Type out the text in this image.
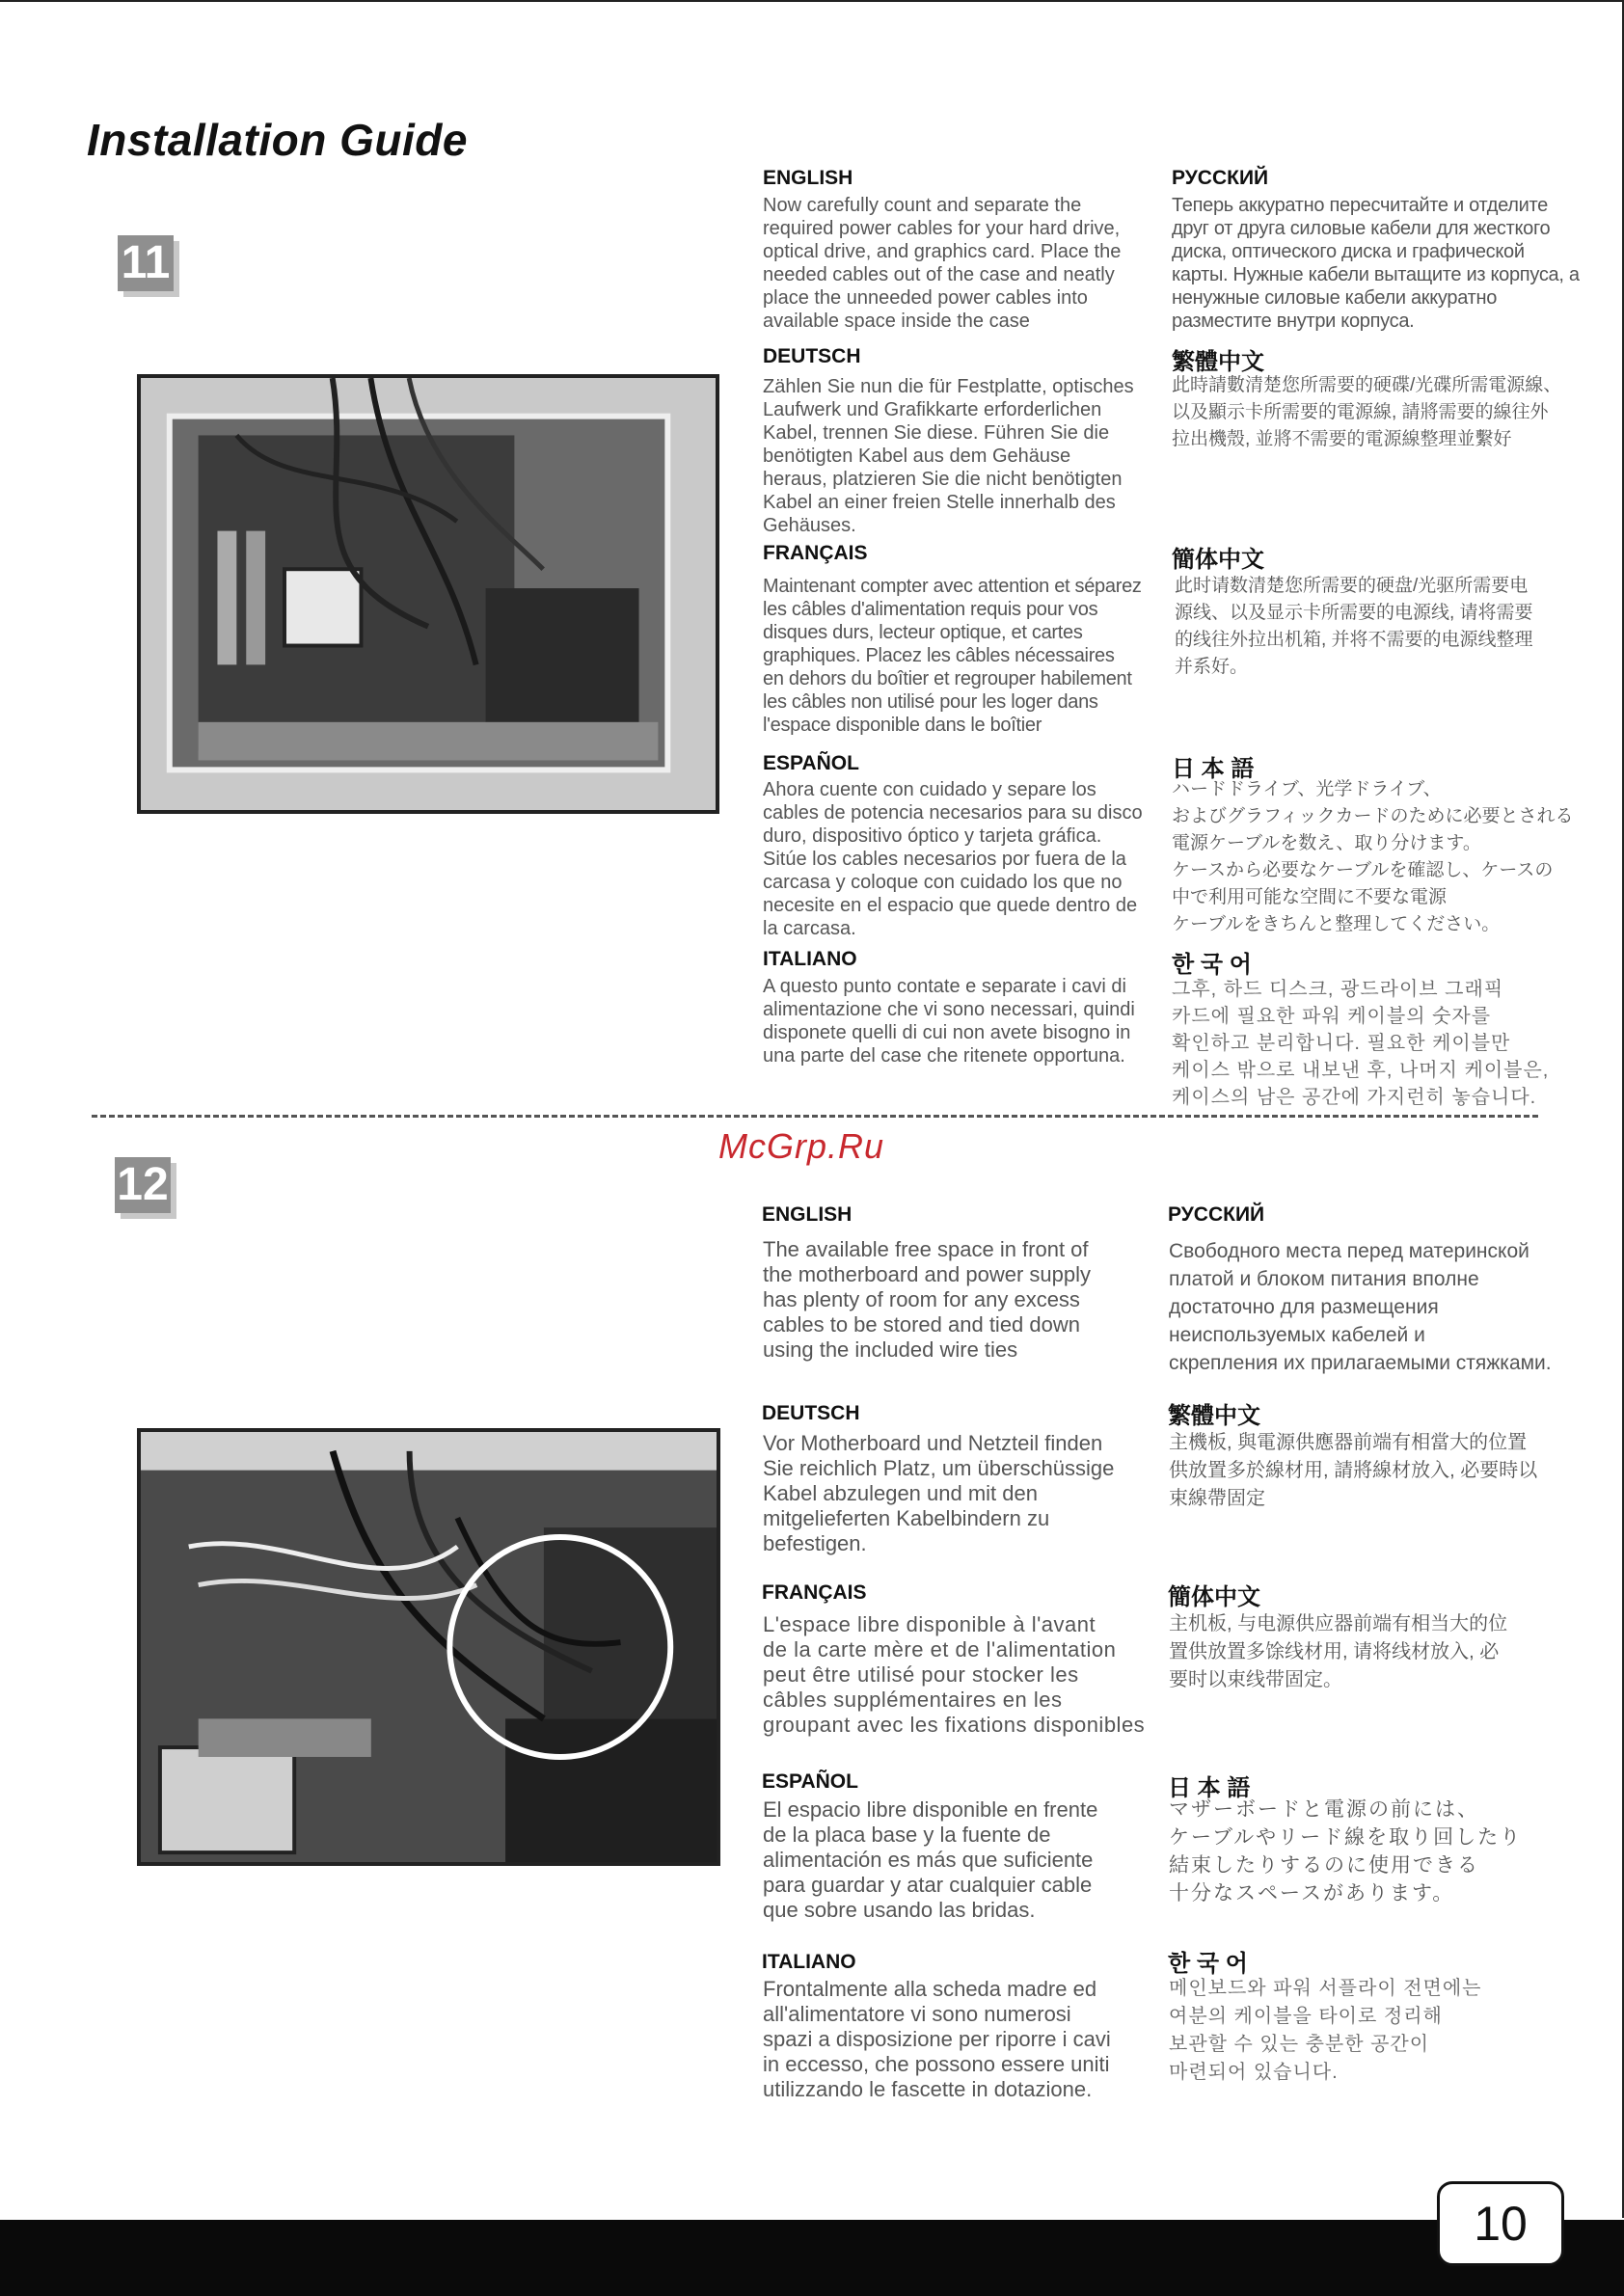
Installation Guide
11
ENGLISH
Now carefully count and separate the
required power cables for your hard drive,
optical drive, and graphics card. Place the
needed cables out of the case and neatly
place the unneeded power cables into
available space inside the case
DEUTSCH
Zählen Sie nun die für Festplatte, optisches
Laufwerk und Grafikkarte erforderlichen
Kabel, trennen Sie diese. Führen Sie die
benötigten Kabel aus dem Gehäuse
heraus, platzieren Sie die nicht benötigten
Kabel an einer freien Stelle innerhalb des
Gehäuses.
FRANÇAIS
Maintenant compter avec attention et séparez
les câbles d'alimentation requis pour vos
disques durs, lecteur optique, et cartes
graphiques. Placez les câbles nécessaires
en dehors du boîtier et regrouper habilement
les câbles non utilisé pour les loger dans
l'espace disponible dans le boîtier
ESPAÑOL
Ahora cuente con cuidado y separe los
cables de potencia necesarios para su disco
duro, dispositivo óptico y tarjeta gráfica.
Sitúe los cables necesarios por fuera de la
carcasa y coloque con cuidado los que no
necesite en el espacio que quede dentro de
la carcasa.
ITALIANO
A questo punto contate e separate i cavi di
alimentazione che vi sono necessari, quindi
disponete quelli di cui non avete bisogno in
una parte del case che ritenete opportuna.
РУССКИЙ
Теперь аккуратно пересчитайте и отделите
друг от друга силовые кабели для жесткого
диска, оптического диска и графической
карты. Нужные кабели вытащите из корпуса, а
ненужные силовые кабели аккуратно
разместите внутри корпуса.
繁體中文
此時請數清楚您所需要的硬碟/光碟所需電源線、
以及顯示卡所需要的電源線, 請將需要的線往外
拉出機殼, 並將不需要的電源線整理並繫好
簡体中文
此时请数清楚您所需要的硬盘/光驱所需要电
源线、以及显示卡所需要的电源线, 请将需要
的线往外拉出机箱, 并将不需要的电源线整理
并系好。
日 本 語
ハードドライブ、光学ドライブ、
およびグラフィックカードのために必要とされる
電源ケーブルを数え、取り分けます。
ケースから必要なケーブルを確認し、ケースの
中で利用可能な空間に不要な電源
ケーブルをきちんと整理してください。
한 국 어
그후, 하드 디스크, 광드라이브 그래픽
카드에 필요한 파워 케이블의 숫자를
확인하고 분리합니다. 필요한 케이블만
케이스 밖으로 내보낸 후, 나머지 케이블은,
케이스의 남은 공간에 가지런히 놓습니다.
McGrp.Ru
12
ENGLISH
The available free space in front of
the motherboard and power supply
has plenty of room for any excess
cables to be stored and tied down
using the included wire ties
DEUTSCH
Vor Motherboard und Netzteil finden
Sie reichlich Platz, um überschüssige
Kabel abzulegen und mit den
mitgelieferten Kabelbindern zu
befestigen.
FRANÇAIS
L'espace libre disponible à l'avant
de la carte mère et de l'alimentation
peut être utilisé pour stocker les
câbles supplémentaires en les
groupant avec les fixations disponibles
ESPAÑOL
El espacio libre disponible en frente
de la placa base y la fuente de
alimentación es más que suficiente
para guardar y atar cualquier cable
que sobre usando las bridas.
ITALIANO
Frontalmente alla scheda madre ed
all'alimentatore vi sono numerosi
spazi a disposizione per riporre i cavi
in eccesso, che possono essere uniti
utilizzando le fascette in dotazione.
РУССКИЙ
Свободного места перед материнской
платой и блоком питания вполне
достаточно для размещения
неиспользуемых кабелей и
скрепления их прилагаемыми стяжками.
繁體中文
主機板, 與電源供應器前端有相當大的位置
供放置多於線材用, 請將線材放入, 必要時以
束線帶固定
簡体中文
主机板, 与电源供应器前端有相当大的位
置供放置多馀线材用, 请将线材放入, 必
要时以束线带固定。
日 本 語
マザーボードと電源の前には、
ケーブルやリード線を取り回したり
結束したりするのに使用できる
十分なスペースがあります。
한 국 어
메인보드와 파워 서플라이 전면에는
여분의 케이블을 타이로 정리해
보관할 수 있는 충분한 공간이
마련되어 있습니다.
10
